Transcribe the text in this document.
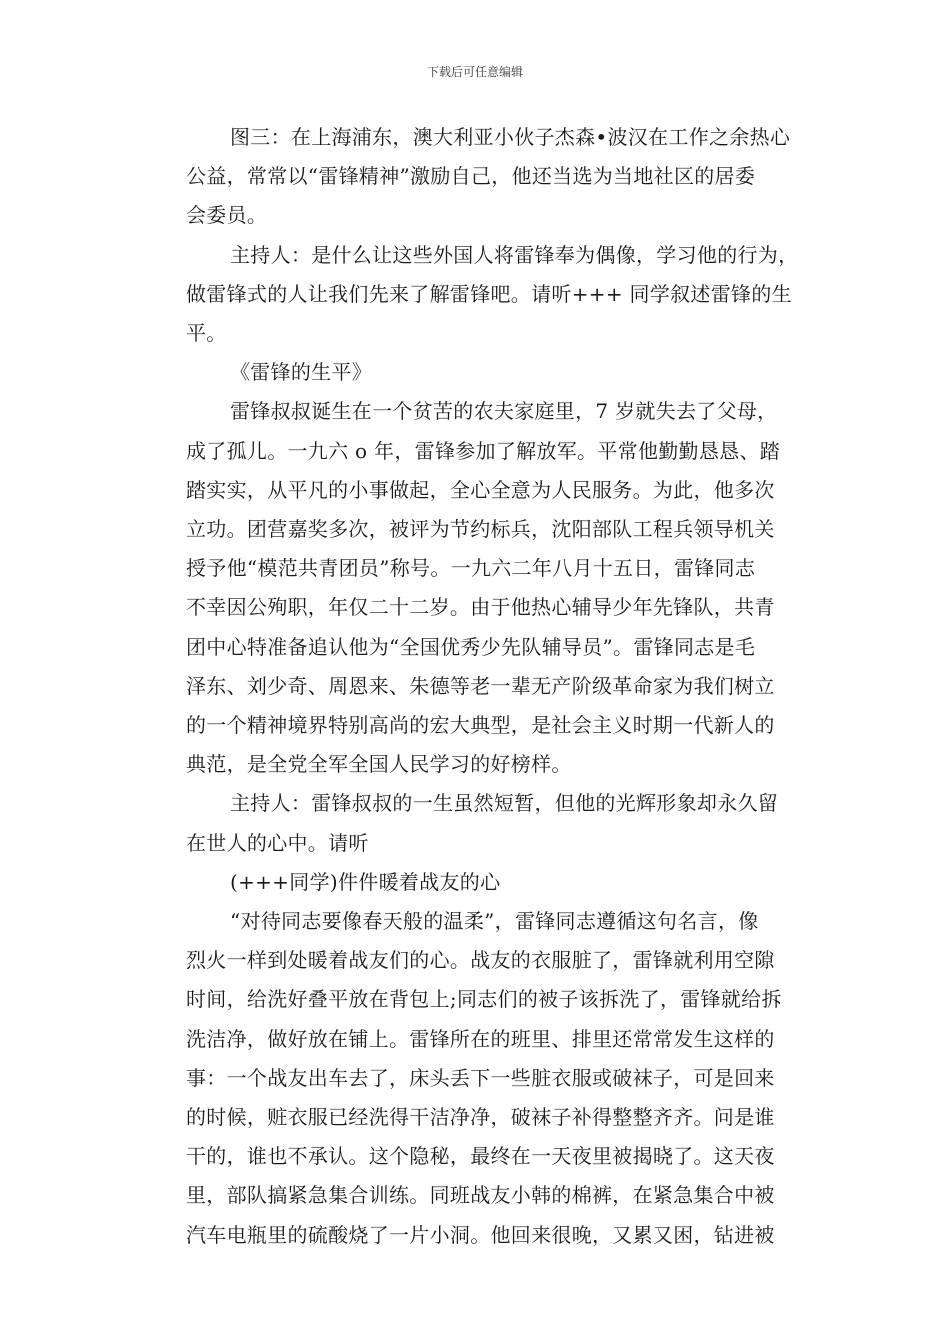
下载后可任意编辑
图三：在上海浦东，澳大利亚小伙子杰森•波汉在工作之余热心
公益，常常以“雷锋精神”激励自己，他还当选为当地社区的居委
会委员。
主持人：是什么让这些外国人将雷锋奉为偶像，学习他的行为，
做雷锋式的人让我们先来了解雷锋吧。请听+++ 同学叙述雷锋的生
平。
《雷锋的生平》
雷锋叔叔诞生在一个贫苦的农夫家庭里，7 岁就失去了父母，
成了孤儿。一九六 o 年，雷锋参加了解放军。平常他勤勤恳恳、踏
踏实实，从平凡的小事做起，全心全意为人民服务。为此，他多次
立功。团营嘉奖多次，被评为节约标兵，沈阳部队工程兵领导机关
授予他“模范共青团员”称号。一九六二年八月十五日，雷锋同志
不幸因公殉职，年仅二十二岁。由于他热心辅导少年先锋队，共青
团中心特准备追认他为“全国优秀少先队辅导员”。雷锋同志是毛
泽东、刘少奇、周恩来、朱德等老一辈无产阶级革命家为我们树立
的一个精神境界特别高尚的宏大典型，是社会主义时期一代新人的
典范，是全党全军全国人民学习的好榜样。
主持人：雷锋叔叔的一生虽然短暂，但他的光辉形象却永久留
在世人的心中。请听
(+++同学)件件暖着战友的心
“对待同志要像春天般的温柔”，雷锋同志遵循这句名言，像
烈火一样到处暖着战友们的心。战友的衣服脏了，雷锋就利用空隙
时间，给洗好叠平放在背包上;同志们的被子该拆洗了，雷锋就给拆
洗洁净，做好放在铺上。雷锋所在的班里、排里还常常发生这样的
事：一个战友出车去了，床头丢下一些脏衣服或破袜子，可是回来
的时候，赃衣服已经洗得干洁净净，破袜子补得整整齐齐。问是谁
干的，谁也不承认。这个隐秘，最终在一天夜里被揭晓了。这天夜
里，部队搞紧急集合训练。同班战友小韩的棉裤，在紧急集合中被
汽车电瓶里的硫酸烧了一片小洞。他回来很晚，又累又困，钻进被
